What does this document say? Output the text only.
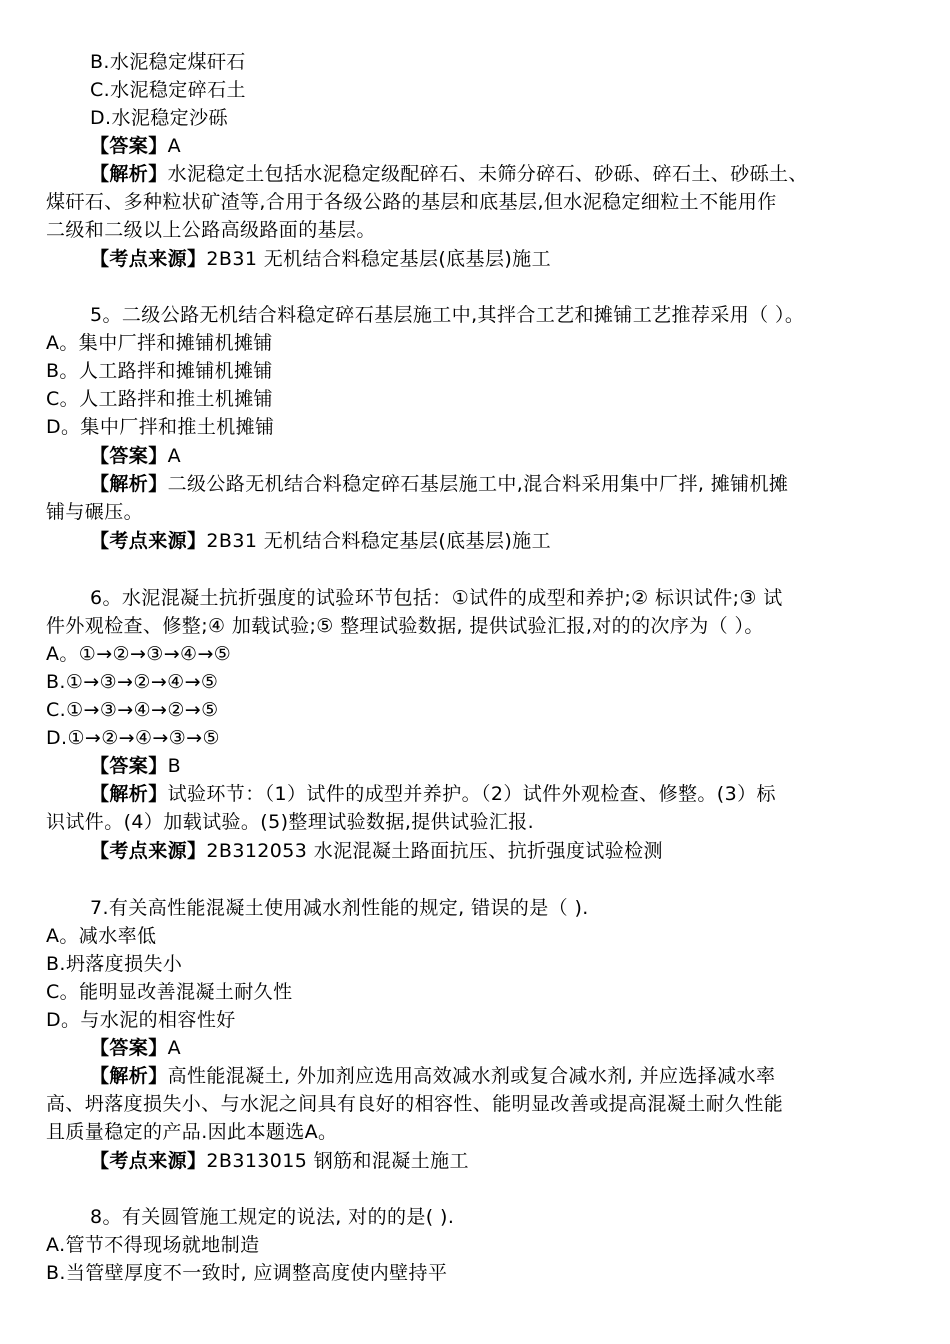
B.水泥稳定煤矸石
C.水泥稳定碎石土
D.水泥稳定沙砾
【答案】A
【解析】水泥稳定土包括水泥稳定级配碎石、未筛分碎石、砂砾、碎石土、砂砾土、
煤矸石、多种粒状矿渣等,合用于各级公路的基层和底基层,但水泥稳定细粒土不能用作
二级和二级以上公路高级路面的基层。
【考点来源】2B31 无机结合料稳定基层(底基层)施工
5。二级公路无机结合料稳定碎石基层施工中,其拌合工艺和摊铺工艺推荐采用（ ）。
A。集中厂拌和摊铺机摊铺
B。人工路拌和摊铺机摊铺
C。人工路拌和推土机摊铺
D。集中厂拌和推土机摊铺
【答案】A
【解析】二级公路无机结合料稳定碎石基层施工中,混合料采用集中厂拌, 摊铺机摊
铺与碾压。
【考点来源】2B31 无机结合料稳定基层(底基层)施工
6。水泥混凝土抗折强度的试验环节包括：①试件的成型和养护;② 标识试件;③ 试
件外观检查、修整;④ 加载试验;⑤ 整理试验数据, 提供试验汇报,对的的次序为（ ）。
A。①→②→③→④→⑤
B.①→③→②→④→⑤
C.①→③→④→②→⑤
D.①→②→④→③→⑤
【答案】B
【解析】试验环节：（1）试件的成型并养护。（2）试件外观检查、修整。(3）标
识试件。(4）加载试验。(5)整理试验数据,提供试验汇报.
【考点来源】2B312053 水泥混凝土路面抗压、抗折强度试验检测
7.有关高性能混凝土使用减水剂性能的规定, 错误的是（ ).
A。减水率低
B.坍落度损失小
C。能明显改善混凝土耐久性
D。与水泥的相容性好
【答案】A
【解析】高性能混凝土, 外加剂应选用高效减水剂或复合减水剂, 并应选择减水率
高、坍落度损失小、与水泥之间具有良好的相容性、能明显改善或提高混凝土耐久性能
且质量稳定的产品.因此本题选A。
【考点来源】2B313015 钢筋和混凝土施工
8。有关圆管施工规定的说法, 对的的是( ).
A.管节不得现场就地制造
B.当管壁厚度不一致时, 应调整高度使内壁持平
